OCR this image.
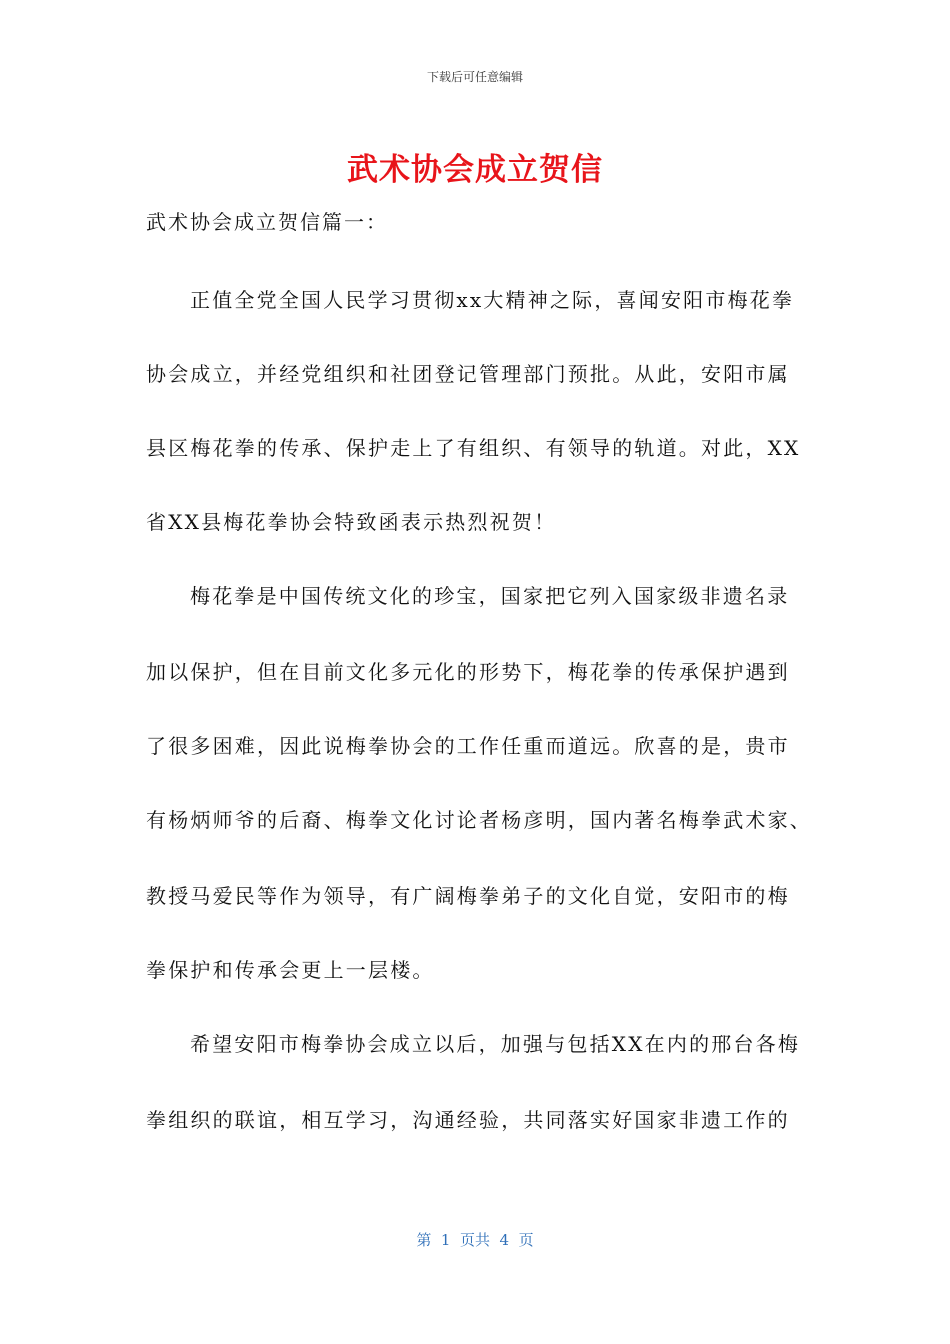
下载后可任意编辑
武术协会成立贺信
武术协会成立贺信篇一：
正值全党全国人民学习贯彻xx大精神之际，喜闻安阳市梅花拳
协会成立，并经党组织和社团登记管理部门预批。从此，安阳市属
县区梅花拳的传承、保护走上了有组织、有领导的轨道。对此，XX
省XX县梅花拳协会特致函表示热烈祝贺！
梅花拳是中国传统文化的珍宝，国家把它列入国家级非遗名录
加以保护，但在目前文化多元化的形势下，梅花拳的传承保护遇到
了很多困难，因此说梅拳协会的工作任重而道远。欣喜的是，贵市
有杨炳师爷的后裔、梅拳文化讨论者杨彦明，国内著名梅拳武术家、
教授马爱民等作为领导，有广阔梅拳弟子的文化自觉，安阳市的梅
拳保护和传承会更上一层楼。
希望安阳市梅拳协会成立以后，加强与包括XX在内的邢台各梅
拳组织的联谊，相互学习，沟通经验，共同落实好国家非遗工作的
第  1  页共  4  页
